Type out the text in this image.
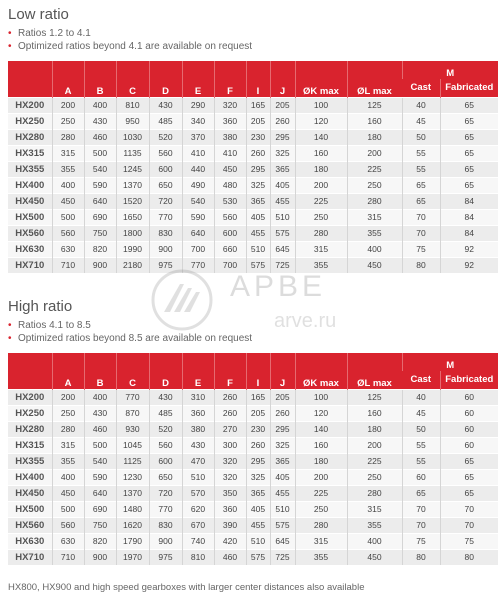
Low ratio
• Ratios 1.2 to 4.1
• Optimized ratios beyond 4.1 are available on request
	A	B	C	D	E	F	I	J	ØK max	ØL max	M	
											Cast	Fabricated
HX200	200	400	810	430	290	320	165	205	100	125	40	65
HX250	250	430	950	485	340	360	205	260	120	160	45	65
HX280	280	460	1030	520	370	380	230	295	140	180	50	65
HX315	315	500	1135	560	410	410	260	325	160	200	55	65
HX355	355	540	1245	600	440	450	295	365	180	225	55	65
HX400	400	590	1370	650	490	480	325	405	200	250	65	65
HX450	450	640	1520	720	540	530	365	455	225	280	65	84
HX500	500	690	1650	770	590	560	405	510	250	315	70	84
HX560	560	750	1800	830	640	600	455	575	280	355	70	84
HX630	630	820	1990	900	700	660	510	645	315	400	75	92
HX710	710	900	2180	975	770	700	575	725	355	450	80	92
High ratio
• Ratios 4.1 to 8.5
• Optimized ratios beyond 8.5 are available on request
	A	B	C	D	E	F	I	J	ØK max	ØL max	M	
											Cast	Fabricated
HX200	200	400	770	430	310	260	165	205	100	125	40	60
HX250	250	430	870	485	360	260	205	260	120	160	45	60
HX280	280	460	930	520	380	270	230	295	140	180	50	60
HX315	315	500	1045	560	430	300	260	325	160	200	55	60
HX355	355	540	1125	600	470	320	295	365	180	225	55	65
HX400	400	590	1230	650	510	320	325	405	200	250	60	65
HX450	450	640	1370	720	570	350	365	455	225	280	65	65
HX500	500	690	1480	770	620	360	405	510	250	315	70	70
HX560	560	750	1620	830	670	390	455	575	280	355	70	70
HX630	630	820	1790	900	740	420	510	645	315	400	75	75
HX710	710	900	1970	975	810	460	575	725	355	450	80	80
АРВЕ
arve.ru
HX800, HX900 and high speed gearboxes with larger center distances also available
